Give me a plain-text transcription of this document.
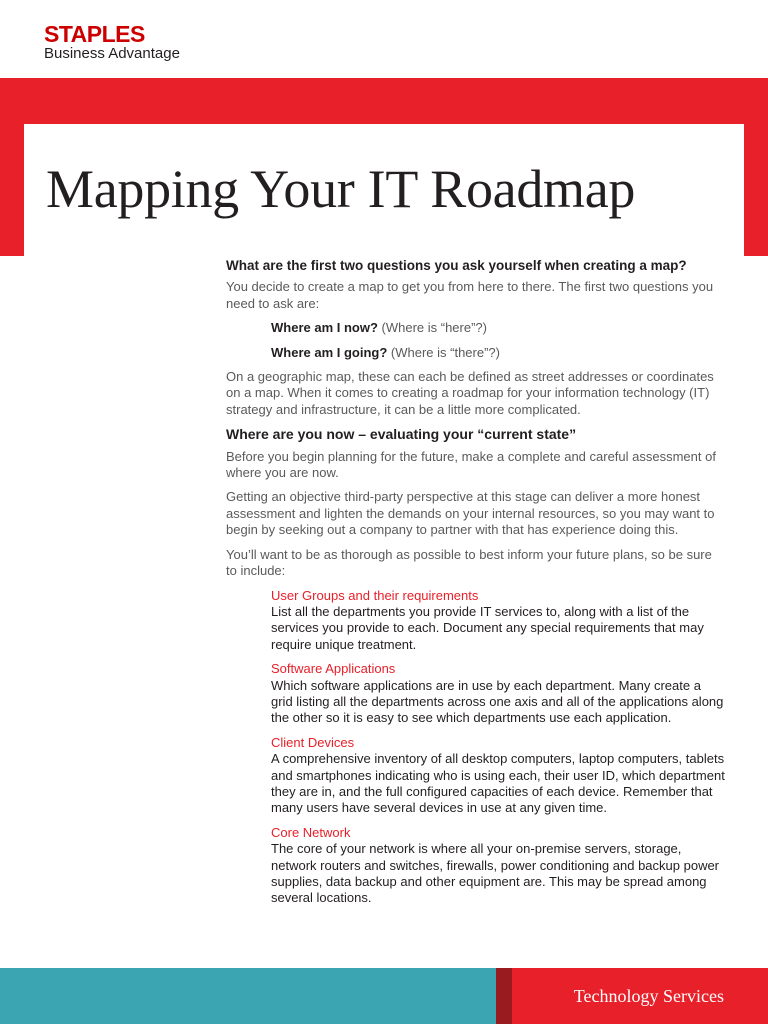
STAPLES
Business Advantage
Mapping Your IT Roadmap
What are the first two questions you ask yourself when creating a map?
You decide to create a map to get you from here to there. The first two questions you need to ask are:
Where am I now? (Where is “here”?)
Where am I going? (Where is “there”?)
On a geographic map, these can each be defined as street addresses or coordinates on a map. When it comes to creating a roadmap for your information technology (IT) strategy and infrastructure, it can be a little more complicated.
Where are you now – evaluating your “current state”
Before you begin planning for the future, make a complete and careful assessment of where you are now.
Getting an objective third-party perspective at this stage can deliver a more honest assessment and lighten the demands on your internal resources, so you may want to begin by seeking out a company to partner with that has experience doing this.
You’ll want to be as thorough as possible to best inform your future plans, so be sure to include:
User Groups and their requirements
List all the departments you provide IT services to, along with a list of the services you provide to each. Document any special requirements that may require unique treatment.
Software Applications
Which software applications are in use by each department. Many create a grid listing all the departments across one axis and all of the applications along the other so it is easy to see which departments use each application.
Client Devices
A comprehensive inventory of all desktop computers, laptop computers, tablets and smartphones indicating who is using each, their user ID, which department they are in, and the full configured capacities of each device. Remember that many users have several devices in use at any given time.
Core Network
The core of your network is where all your on-premise servers, storage, network routers and switches, firewalls, power conditioning and backup power supplies, data backup and other equipment are. This may be spread among several locations.
Technology Services
